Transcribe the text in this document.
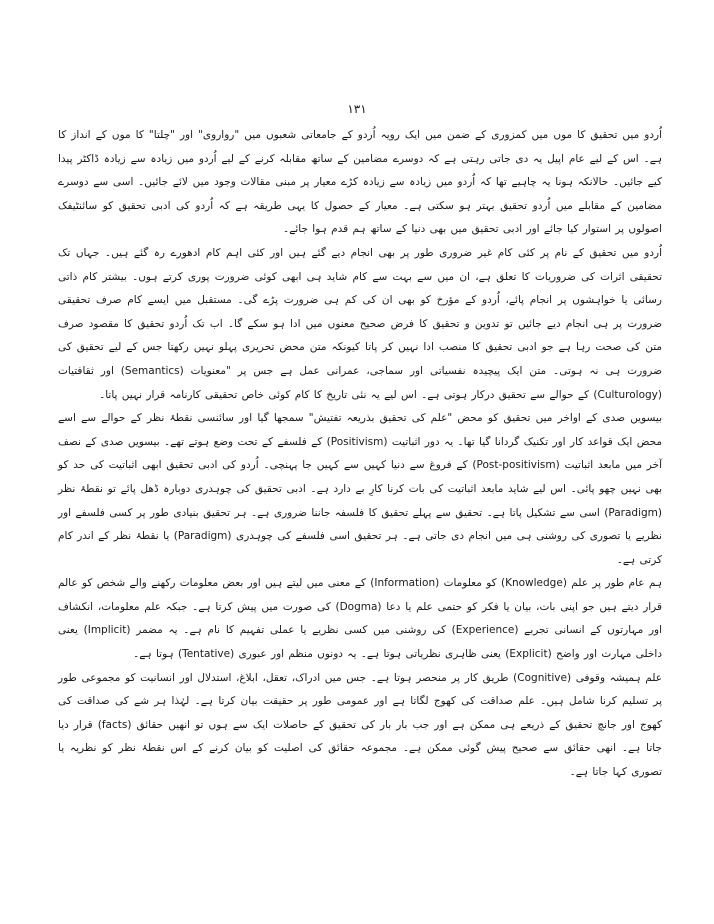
۱۳۱

اُردو میں تحقیق کا موں میں کمزوری کے ضمن میں ایک رویہ اُردو کے جامعاتی شعبوں میں "رواروی" اور "چلتا" کا موں کے انداز کا ہے۔ اس کے لیے عام اپیل یہ دی جاتی رہتی ہے کہ دوسرے مضامین کے ساتھ مقابلہ کرنے کے لیے اُردو میں زیادہ سے زیادہ ڈاکٹر پیدا کیے جائیں۔ حالانکہ ہونا یہ چاہیے تھا کہ اُردو میں زیادہ سے زیادہ کڑے معیار پر مبنی مقالات وجود میں لائے جائیں۔ اسی سے دوسرے مضامین کے مقابلے میں اُردو تحقیق بہتر ہو سکتی ہے۔ معیار کے حصول کا یہی طریقہ ہے کہ اُردو کی ادبی تحقیق کو سائنٹیفک اصولوں پر استوار کیا جائے اور ادبی تحقیق میں بھی دنیا کے ساتھ ہم قدم ہوا جائے۔

اُردو میں تحقیق کے نام پر کئی کام غیر ضروری طور پر بھی انجام دیے گئے ہیں اور کئی اہم کام ادھورے رہ گئے ہیں۔ جہاں تک تحقیقی اثرات کی ضروریات کا تعلق ہے، ان میں سے بہت سے کام شاید ہی ابھی کوئی ضرورت پوری کرتے ہوں۔ بیشتر کام ذاتی رسائی یا خواہشوں پر انجام پائے، اُردو کے مؤرخ کو بھی ان کی کم ہی ضرورت پڑے گی۔ مستقبل میں ایسے کام صرف تحقیقی ضرورت پر ہی انجام دیے جائیں تو تدوین و تحقیق کا فرض صحیح معنوں میں ادا ہو سکے گا۔ اب تک اُردو تحقیق کا مقصود صرف متن کی صحت رہا ہے جو ادبی تحقیق کا منصب ادا نہیں کر پاتا کیونکہ متن محض تحریری پہلو نہیں رکھتا جس کے لیے تحقیق کی ضرورت ہی نہ ہوتی۔ متن ایک پیچیدہ نفسیاتی اور سماجی، عمرانی عمل ہے جس پر "معنویات (Semantics) اور ثقافتیات (Culturology) کے حوالے سے تحقیق درکار ہوتی ہے۔ اس لیے یہ نئی تاریخ کا کام کوئی خاص تحقیقی کارنامہ قرار نہیں پاتا۔

بیسویں صدی کے اواخر میں تحقیق کو محض "علم کی تحقیق بذریعہ تفتیش" سمجھا گیا اور سائنسی نقطۂ نظر کے حوالے سے اسے محض ایک قواعد کار اور تکنیک گردانا گیا تھا۔ یہ دور اثباتیت (Positivism) کے فلسفے کے تحت وضع ہوتے تھے۔ بیسویں صدی کے نصف آخر میں مابعد اثباتیت (Post-positivism) کے فروغ سے دنیا کہیں سے کہیں جا پہنچی۔ اُردو کی ادبی تحقیق ابھی اثباتیت کی حد کو بھی نہیں چھو پائی۔ اس لیے شاید مابعد اثباتیت کی بات کرنا کارِ بے دارد ہے۔ ادبی تحقیق کی چوہدری دوبارہ ڈھل پائے تو نقطۂ نظر (Paradigm) اسی سے تشکیل پاتا ہے۔ تحقیق سے پہلے تحقیق کا فلسفہ جاننا ضروری ہے۔ ہر تحقیق بنیادی طور پر کسی فلسفے اور نظریے یا تصوری کی روشنی ہی میں انجام دی جاتی ہے۔ ہر تحقیق اسی فلسفے کی چوہدری (Paradigm) یا نقطۂ نظر کے اندر کام کرتی ہے۔

ہم عام طور پر علم (Knowledge) کو معلومات (Information) کے معنی میں لیتے ہیں اور بعض معلومات رکھنے والے شخص کو عالم قرار دیتے ہیں جو اپنی بات، بیان یا فکر کو حتمی علم یا دعا (Dogma) کی صورت میں پیش کرتا ہے۔ جبکہ علم معلومات، انکشاف اور مہارتوں کے انسانی تجربے (Experience) کی روشنی میں کسی نظریے یا عملی تفہیم کا نام ہے۔ یہ مضمر (Implicit) یعنی داخلی مہارت اور واضح (Explicit) یعنی ظاہری نظریاتی ہوتا ہے۔ یہ دونوں منظم اور عبوری (Tentative) ہوتا ہے۔

علم ہمیشہ وقوفی (Cognitive) طریق کار پر منحصر ہوتا ہے۔ جس میں ادراک، تعقل، ابلاغ، استدلال اور انسانیت کو مجموعی طور پر تسلیم کرنا شامل ہیں۔ علم صداقت کی کھوج لگاتا ہے اور عمومی طور پر حقیقت بیان کرتا ہے۔ لہٰذا ہر شے کی صداقت کی کھوج اور جانچ تحقیق کے ذریعے ہی ممکن ہے اور جب بار بار کی تحقیق کے حاصلات ایک سے ہوں تو انھیں حقائق (facts) قرار دیا جاتا ہے۔ انھی حقائق سے صحیح پیش گوئی ممکن ہے۔ مجموعہ حقائق کی اصلیت کو بیان کرنے کے اس نقطۂ نظر کو نظریہ یا تصوری کہا جاتا ہے۔
